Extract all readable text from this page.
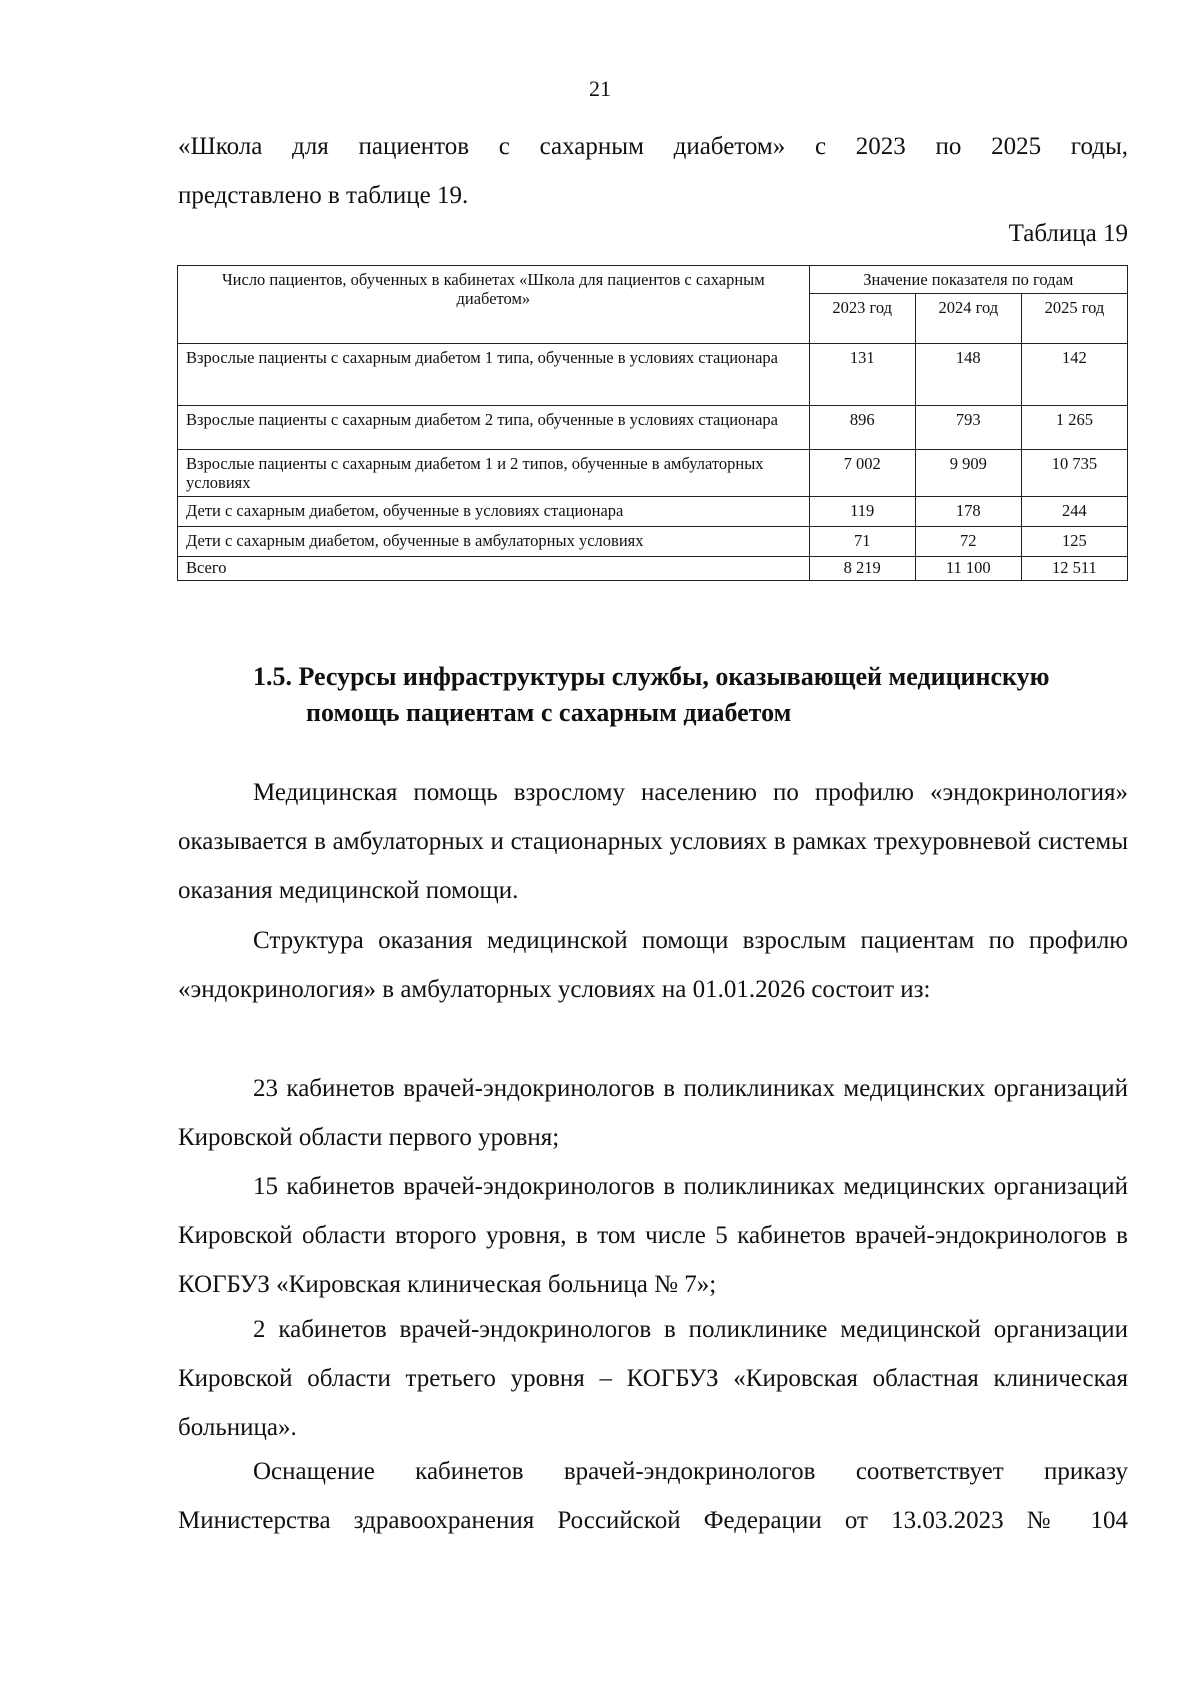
21

«Школа для пациентов с сахарным диабетом» с 2023 по 2025 годы,

представлено в таблице 19.

Таблица 19
Число пациентов, обученных в кабинетах «Школа для пациентов с сахарным диабетом»	Значение показателя по годам		
	2023 год	2024 год	2025 год
Взрослые пациенты с сахарным диабетом 1 типа, обученные в условиях стационара	131	148	142
Взрослые пациенты с сахарным диабетом 2 типа, обученные в условиях стационара	896	793	1 265
Взрослые пациенты с сахарным диабетом 1 и 2 типов, обученные в амбулаторных условиях	7 002	9 909	10 735
Дети с сахарным диабетом, обученные в условиях стационара	119	178	244
Дети с сахарным диабетом, обученные в амбулаторных условиях	71	72	125
Всего	8 219	11 100	12 511
1.5. Ресурсы инфраструктуры службы, оказывающей медицинскую
помощь пациентам с сахарным диабетом

Медицинская помощь взрослому населению по профилю «эндокринология» оказывается в амбулаторных и стационарных условиях в рамках трехуровневой системы оказания медицинской помощи.

Структура оказания медицинской помощи взрослым пациентам по профилю «эндокринология» в амбулаторных условиях на 01.01.2026 состоит из:

23 кабинетов врачей-эндокринологов в поликлиниках медицинских организаций Кировской области первого уровня;

15 кабинетов врачей-эндокринологов в поликлиниках медицинских организаций Кировской области второго уровня, в том числе 5 кабинетов врачей-эндокринологов в КОГБУЗ «Кировская клиническая больница № 7»;

2 кабинетов врачей-эндокринологов в поликлинике медицинской организации Кировской области третьего уровня – КОГБУЗ «Кировская областная клиническая больница».

Оснащение кабинетов врачей-эндокринологов соответствует приказу Министерства здравоохранения Российской Федерации от 13.03.2023 № 104
